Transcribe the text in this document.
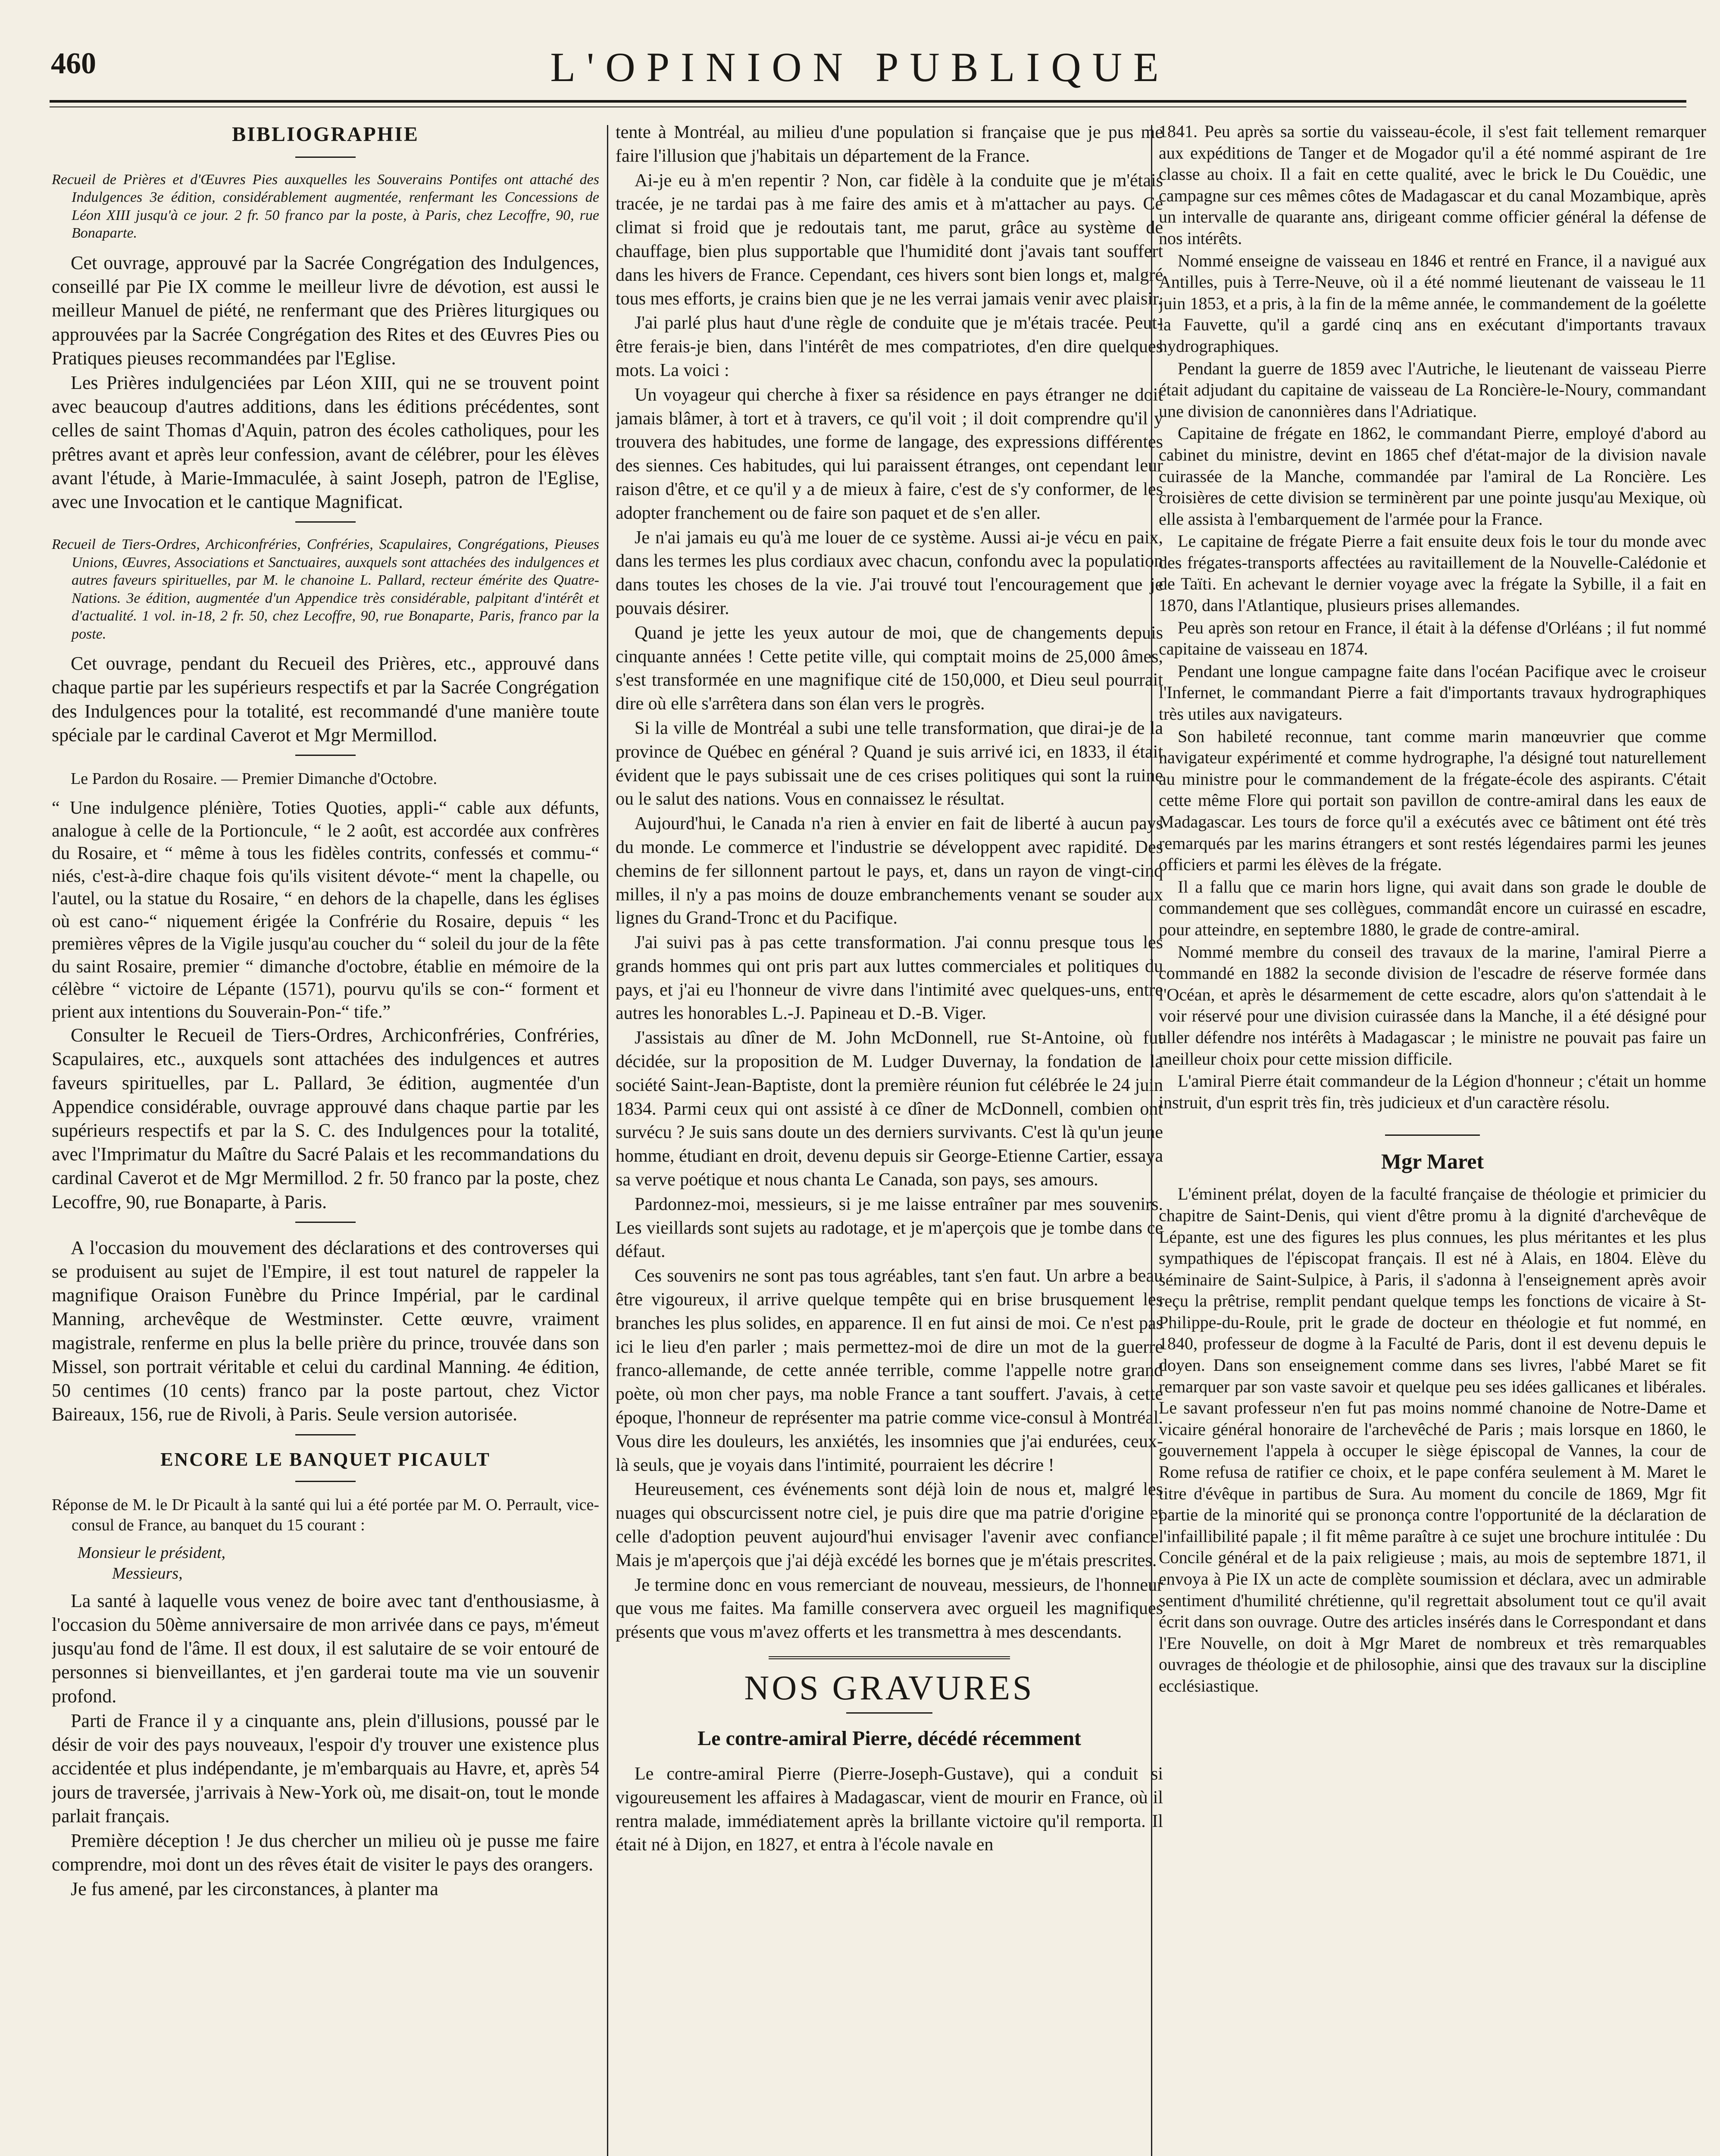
460	L'OPINION PUBLIQUE
BIBLIOGRAPHIE

Recueil de Prières et d'Œuvres Pies auxquelles les Souverains Pontifes ont attaché des Indulgences 3e édition, considérablement augmentée, renfermant les Concessions de Léon XIII jusqu'à ce jour. 2 fr. 50 franco par la poste, à Paris, chez Lecoffre, 90, rue Bonaparte.

Cet ouvrage, approuvé par la Sacrée Congrégation des Indulgences, conseillé par Pie IX comme le meilleur livre de dévotion, est aussi le meilleur Manuel de piété, ne renfermant que des Prières liturgiques ou approuvées par la Sacrée Congrégation des Rites et des Œuvres Pies ou Pratiques pieuses recommandées par l'Eglise.

Les Prières indulgenciées par Léon XIII, qui ne se trouvent point avec beaucoup d'autres additions, dans les éditions précédentes, sont celles de saint Thomas d'Aquin, patron des écoles catholiques, pour les prêtres avant et après leur confession, avant de célébrer, pour les élèves avant l'étude, à Marie-Immaculée, à saint Joseph, patron de l'Eglise, avec une Invocation et le cantique Magnificat.

Recueil de Tiers-Ordres, Archiconfréries, Confréries, Scapulaires, Congrégations, Pieuses Unions, Œuvres, Associations et Sanctuaires, auxquels sont attachées des indulgences et autres faveurs spirituelles, par M. le chanoine L. Pallard, recteur émérite des Quatre-Nations. 3e édition, augmentée d'un Appendice très considérable, palpitant d'intérêt et d'actualité. 1 vol. in-18, 2 fr. 50, chez Lecoffre, 90, rue Bonaparte, Paris, franco par la poste.

Cet ouvrage, pendant du Recueil des Prières, etc., approuvé dans chaque partie par les supérieurs respectifs et par la Sacrée Congrégation des Indulgences pour la totalité, est recommandé d'une manière toute spéciale par le cardinal Caverot et Mgr Mermillod.

Le Pardon du Rosaire. — Premier Dimanche d'Octobre.

“ Une indulgence plénière, Toties Quoties, appli-“ cable aux défunts, analogue à celle de la Portioncule, “ le 2 août, est accordée aux confrères du Rosaire, et “ même à tous les fidèles contrits, confessés et commu-“ niés, c'est-à-dire chaque fois qu'ils visitent dévote-“ ment la chapelle, ou l'autel, ou la statue du Rosaire, “ en dehors de la chapelle, dans les églises où est cano-“ niquement érigée la Confrérie du Rosaire, depuis “ les premières vêpres de la Vigile jusqu'au coucher du “ soleil du jour de la fête du saint Rosaire, premier “ dimanche d'octobre, établie en mémoire de la célèbre “ victoire de Lépante (1571), pourvu qu'ils se con-“ forment et prient aux intentions du Souverain-Pon-“ tife.”

Consulter le Recueil de Tiers-Ordres, Archiconfréries, Confréries, Scapulaires, etc., auxquels sont attachées des indulgences et autres faveurs spirituelles, par L. Pallard, 3e édition, augmentée d'un Appendice considérable, ouvrage approuvé dans chaque partie par les supérieurs respectifs et par la S. C. des Indulgences pour la totalité, avec l'Imprimatur du Maître du Sacré Palais et les recommandations du cardinal Caverot et de Mgr Mermillod. 2 fr. 50 franco par la poste, chez Lecoffre, 90, rue Bonaparte, à Paris.

A l'occasion du mouvement des déclarations et des controverses qui se produisent au sujet de l'Empire, il est tout naturel de rappeler la magnifique Oraison Funèbre du Prince Impérial, par le cardinal Manning, archevêque de Westminster. Cette œuvre, vraiment magistrale, renferme en plus la belle prière du prince, trouvée dans son Missel, son portrait véritable et celui du cardinal Manning. 4e édition, 50 centimes (10 cents) franco par la poste partout, chez Victor Baireaux, 156, rue de Rivoli, à Paris. Seule version autorisée.

ENCORE LE BANQUET PICAULT

Réponse de M. le Dr Picault à la santé qui lui a été portée par M. O. Perrault, vice-consul de France, au banquet du 15 courant :

Monsieur le président,

Messieurs,

La santé à laquelle vous venez de boire avec tant d'enthousiasme, à l'occasion du 50ème anniversaire de mon arrivée dans ce pays, m'émeut jusqu'au fond de l'âme. Il est doux, il est salutaire de se voir entouré de personnes si bienveillantes, et j'en garderai toute ma vie un souvenir profond.

Parti de France il y a cinquante ans, plein d'illusions, poussé par le désir de voir des pays nouveaux, l'espoir d'y trouver une existence plus accidentée et plus indépendante, je m'embarquais au Havre, et, après 54 jours de traversée, j'arrivais à New-York où, me disait-on, tout le monde parlait français.

Première déception ! Je dus chercher un milieu où je pusse me faire comprendre, moi dont un des rêves était de visiter le pays des orangers.

Je fus amené, par les circonstances, à planter ma

tente à Montréal, au milieu d'une population si française que je pus me faire l'illusion que j'habitais un département de la France.

Ai-je eu à m'en repentir ? Non, car fidèle à la conduite que je m'étais tracée, je ne tardai pas à me faire des amis et à m'attacher au pays. Ce climat si froid que je redoutais tant, me parut, grâce au système de chauffage, bien plus supportable que l'humidité dont j'avais tant souffert dans les hivers de France. Cependant, ces hivers sont bien longs et, malgré tous mes efforts, je crains bien que je ne les verrai jamais venir avec plaisir.

J'ai parlé plus haut d'une règle de conduite que je m'étais tracée. Peut-être ferais-je bien, dans l'intérêt de mes compatriotes, d'en dire quelques mots. La voici :

Un voyageur qui cherche à fixer sa résidence en pays étranger ne doit jamais blâmer, à tort et à travers, ce qu'il voit ; il doit comprendre qu'il y trouvera des habitudes, une forme de langage, des expressions différentes des siennes. Ces habitudes, qui lui paraissent étranges, ont cependant leur raison d'être, et ce qu'il y a de mieux à faire, c'est de s'y conformer, de les adopter franchement ou de faire son paquet et de s'en aller.

Je n'ai jamais eu qu'à me louer de ce système. Aussi ai-je vécu en paix, dans les termes les plus cordiaux avec chacun, confondu avec la population dans toutes les choses de la vie. J'ai trouvé tout l'encouragement que je pouvais désirer.

Quand je jette les yeux autour de moi, que de changements depuis cinquante années ! Cette petite ville, qui comptait moins de 25,000 âmes, s'est transformée en une magnifique cité de 150,000, et Dieu seul pourrait dire où elle s'arrêtera dans son élan vers le progrès.

Si la ville de Montréal a subi une telle transformation, que dirai-je de la province de Québec en général ? Quand je suis arrivé ici, en 1833, il était évident que le pays subissait une de ces crises politiques qui sont la ruine ou le salut des nations. Vous en connaissez le résultat.

Aujourd'hui, le Canada n'a rien à envier en fait de liberté à aucun pays du monde. Le commerce et l'industrie se développent avec rapidité. Des chemins de fer sillonnent partout le pays, et, dans un rayon de vingt-cinq milles, il n'y a pas moins de douze embranchements venant se souder aux lignes du Grand-Tronc et du Pacifique.

J'ai suivi pas à pas cette transformation. J'ai connu presque tous les grands hommes qui ont pris part aux luttes commerciales et politiques du pays, et j'ai eu l'honneur de vivre dans l'intimité avec quelques-uns, entre autres les honorables L.-J. Papineau et D.-B. Viger.

J'assistais au dîner de M. John McDonnell, rue St-Antoine, où fut décidée, sur la proposition de M. Ludger Duvernay, la fondation de la société Saint-Jean-Baptiste, dont la première réunion fut célébrée le 24 juin 1834. Parmi ceux qui ont assisté à ce dîner de McDonnell, combien ont survécu ? Je suis sans doute un des derniers survivants. C'est là qu'un jeune homme, étudiant en droit, devenu depuis sir George-Etienne Cartier, essaya sa verve poétique et nous chanta Le Canada, son pays, ses amours.

Pardonnez-moi, messieurs, si je me laisse entraîner par mes souvenirs. Les vieillards sont sujets au radotage, et je m'aperçois que je tombe dans ce défaut.

Ces souvenirs ne sont pas tous agréables, tant s'en faut. Un arbre a beau être vigoureux, il arrive quelque tempête qui en brise brusquement les branches les plus solides, en apparence. Il en fut ainsi de moi. Ce n'est pas ici le lieu d'en parler ; mais permettez-moi de dire un mot de la guerre franco-allemande, de cette année terrible, comme l'appelle notre grand poète, où mon cher pays, ma noble France a tant souffert. J'avais, à cette époque, l'honneur de représenter ma patrie comme vice-consul à Montréal. Vous dire les douleurs, les anxiétés, les insomnies que j'ai endurées, ceux-là seuls, que je voyais dans l'intimité, pourraient les décrire !

Heureusement, ces événements sont déjà loin de nous et, malgré les nuages qui obscurcissent notre ciel, je puis dire que ma patrie d'origine et celle d'adoption peuvent aujourd'hui envisager l'avenir avec confiance. Mais je m'aperçois que j'ai déjà excédé les bornes que je m'étais prescrites.

Je termine donc en vous remerciant de nouveau, messieurs, de l'honneur que vous me faites. Ma famille conservera avec orgueil les magnifiques présents que vous m'avez offerts et les transmettra à mes descendants.

NOS GRAVURES
Le contre-amiral Pierre, décédé récemment

Le contre-amiral Pierre (Pierre-Joseph-Gustave), qui a conduit si vigoureusement les affaires à Madagascar, vient de mourir en France, où il rentra malade, immédiatement après la brillante victoire qu'il remporta. Il était né à Dijon, en 1827, et entra à l'école navale en

1841. Peu après sa sortie du vaisseau-école, il s'est fait tellement remarquer aux expéditions de Tanger et de Mogador qu'il a été nommé aspirant de 1re classe au choix. Il a fait en cette qualité, avec le brick le Du Couëdic, une campagne sur ces mêmes côtes de Madagascar et du canal Mozambique, après un intervalle de quarante ans, dirigeant comme officier général la défense de nos intérêts.

Nommé enseigne de vaisseau en 1846 et rentré en France, il a navigué aux Antilles, puis à Terre-Neuve, où il a été nommé lieutenant de vaisseau le 11 juin 1853, et a pris, à la fin de la même année, le commandement de la goélette la Fauvette, qu'il a gardé cinq ans en exécutant d'importants travaux hydrographiques.

Pendant la guerre de 1859 avec l'Autriche, le lieutenant de vaisseau Pierre était adjudant du capitaine de vaisseau de La Roncière-le-Noury, commandant une division de canonnières dans l'Adriatique.

Capitaine de frégate en 1862, le commandant Pierre, employé d'abord au cabinet du ministre, devint en 1865 chef d'état-major de la division navale cuirassée de la Manche, commandée par l'amiral de La Roncière. Les croisières de cette division se terminèrent par une pointe jusqu'au Mexique, où elle assista à l'embarquement de l'armée pour la France.

Le capitaine de frégate Pierre a fait ensuite deux fois le tour du monde avec des frégates-transports affectées au ravitaillement de la Nouvelle-Calédonie et de Taïti. En achevant le dernier voyage avec la frégate la Sybille, il a fait en 1870, dans l'Atlantique, plusieurs prises allemandes.

Peu après son retour en France, il était à la défense d'Orléans ; il fut nommé capitaine de vaisseau en 1874.

Pendant une longue campagne faite dans l'océan Pacifique avec le croiseur l'Infernet, le commandant Pierre a fait d'importants travaux hydrographiques très utiles aux navigateurs.

Son habileté reconnue, tant comme marin manœuvrier que comme navigateur expérimenté et comme hydrographe, l'a désigné tout naturellement au ministre pour le commandement de la frégate-école des aspirants. C'était cette même Flore qui portait son pavillon de contre-amiral dans les eaux de Madagascar. Les tours de force qu'il a exécutés avec ce bâtiment ont été très remarqués par les marins étrangers et sont restés légendaires parmi les jeunes officiers et parmi les élèves de la frégate.

Il a fallu que ce marin hors ligne, qui avait dans son grade le double de commandement que ses collègues, commandât encore un cuirassé en escadre, pour atteindre, en septembre 1880, le grade de contre-amiral.

Nommé membre du conseil des travaux de la marine, l'amiral Pierre a commandé en 1882 la seconde division de l'escadre de réserve formée dans l'Océan, et après le désarmement de cette escadre, alors qu'on s'attendait à le voir réservé pour une division cuirassée dans la Manche, il a été désigné pour aller défendre nos intérêts à Madagascar ; le ministre ne pouvait pas faire un meilleur choix pour cette mission difficile.

L'amiral Pierre était commandeur de la Légion d'honneur ; c'était un homme instruit, d'un esprit très fin, très judicieux et d'un caractère résolu.

Mgr Maret

L'éminent prélat, doyen de la faculté française de théologie et primicier du chapitre de Saint-Denis, qui vient d'être promu à la dignité d'archevêque de Lépante, est une des figures les plus connues, les plus méritantes et les plus sympathiques de l'épiscopat français. Il est né à Alais, en 1804. Elève du séminaire de Saint-Sulpice, à Paris, il s'adonna à l'enseignement après avoir reçu la prêtrise, remplit pendant quelque temps les fonctions de vicaire à St-Philippe-du-Roule, prit le grade de docteur en théologie et fut nommé, en 1840, professeur de dogme à la Faculté de Paris, dont il est devenu depuis le doyen. Dans son enseignement comme dans ses livres, l'abbé Maret se fit remarquer par son vaste savoir et quelque peu ses idées gallicanes et libérales. Le savant professeur n'en fut pas moins nommé chanoine de Notre-Dame et vicaire général honoraire de l'archevêché de Paris ; mais lorsque en 1860, le gouvernement l'appela à occuper le siège épiscopal de Vannes, la cour de Rome refusa de ratifier ce choix, et le pape conféra seulement à M. Maret le titre d'évêque in partibus de Sura. Au moment du concile de 1869, Mgr fit partie de la minorité qui se prononça contre l'opportunité de la déclaration de l'infaillibilité papale ; il fit même paraître à ce sujet une brochure intitulée : Du Concile général et de la paix religieuse ; mais, au mois de septembre 1871, il envoya à Pie IX un acte de complète soumission et déclara, avec un admirable sentiment d'humilité chrétienne, qu'il regrettait absolument tout ce qu'il avait écrit dans son ouvrage. Outre des articles insérés dans le Correspondant et dans l'Ere Nouvelle, on doit à Mgr Maret de nombreux et très remarquables ouvrages de théologie et de philosophie, ainsi que des travaux sur la discipline ecclésiastique.
